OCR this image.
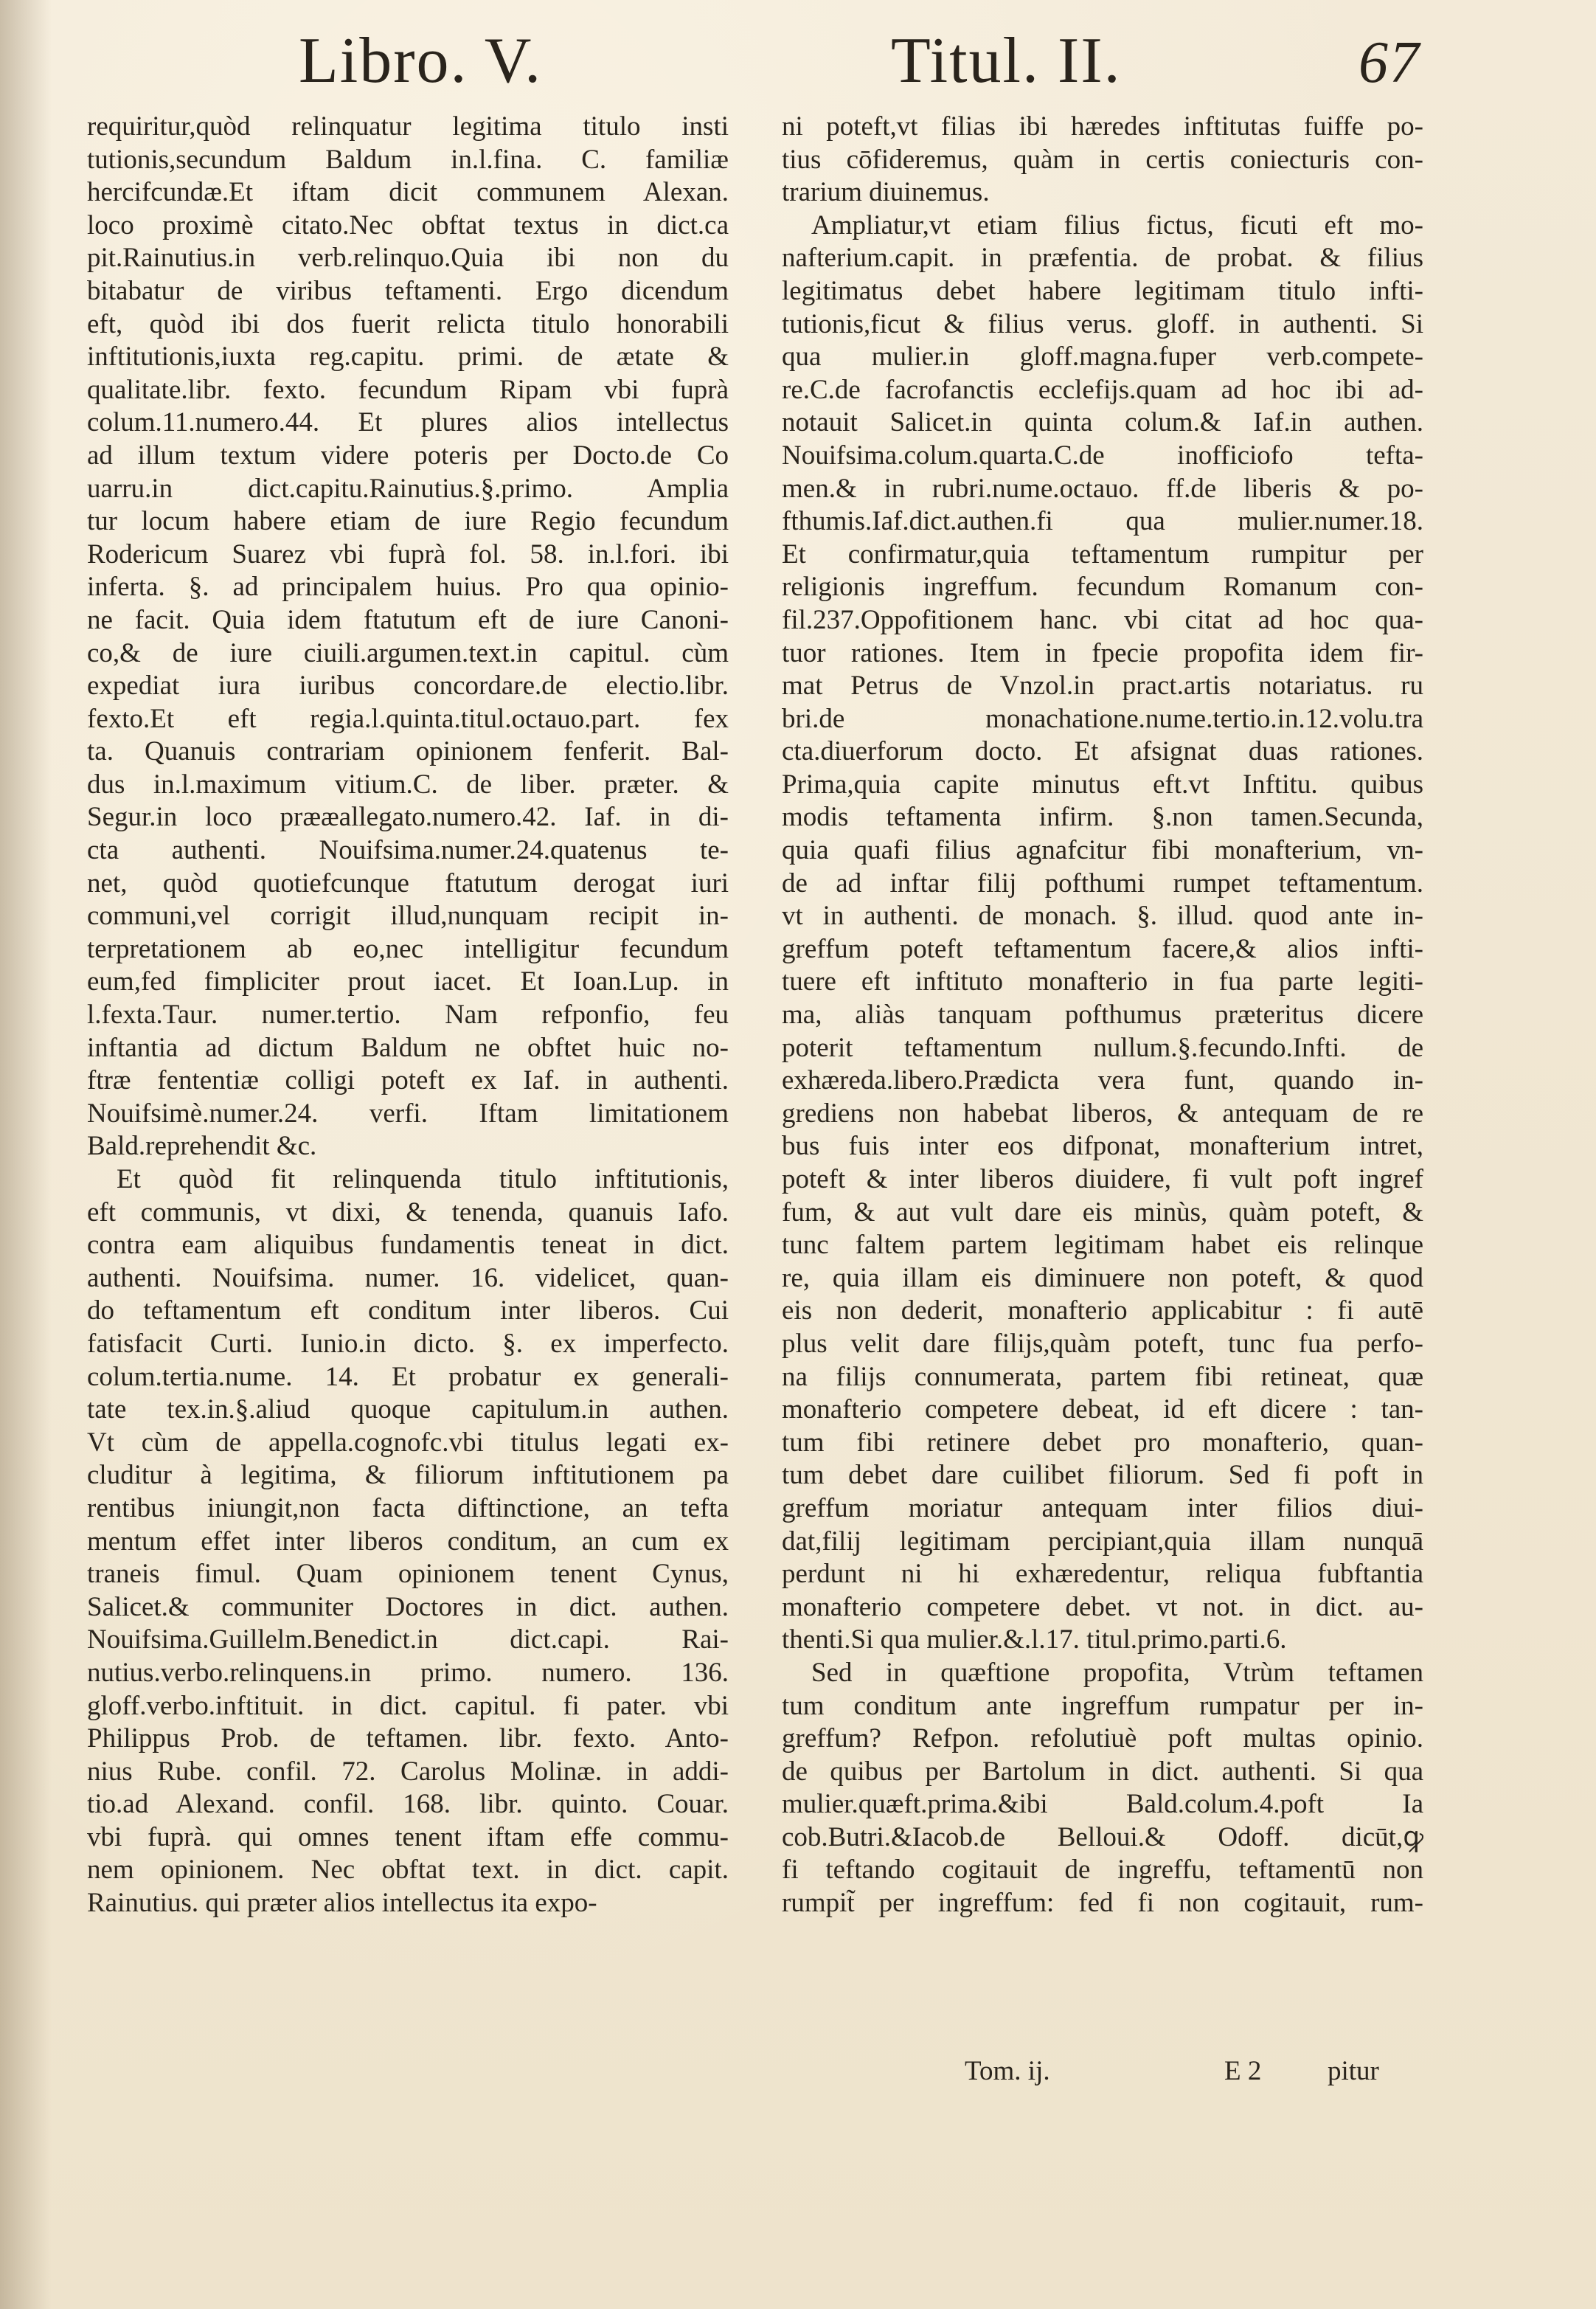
Libro. V.	Titul. II.	67
requiritur,quòd relinquatur legitima titulo insti
tutionis,secundum Baldum in.l.fina. C. familiæ
hercifcundæ.Et iftam dicit communem Alexan.
loco proximè citato.Nec obftat textus in dict.ca
pit.Rainutius.in verb.relinquo.Quia ibi non du
bitabatur de viribus teftamenti. Ergo dicendum
eft, quòd ibi dos fuerit relicta titulo honorabili
inftitutionis,iuxta reg.capitu. primi. de ætate &
qualitate.libr. fexto. fecundum Ripam vbi fuprà
colum.11.numero.44. Et plures alios intellectus
ad illum textum videre poteris per Docto.de Co
uarru.in dict.capitu.Rainutius.§.primo. Amplia
tur locum habere etiam de iure Regio fecundum
Rodericum Suarez vbi fuprà fol. 58. in.l.fori. ibi
inferta. §. ad principalem huius. Pro qua opinio-
ne facit. Quia idem ftatutum eft de iure Canoni-
co,& de iure ciuili.argumen.text.in capitul. cùm
expediat iura iuribus concordare.de electio.libr.
fexto.Et eft regia.l.quinta.titul.octauo.part. fex
ta. Quanuis contrariam opinionem fenferit. Bal-
dus in.l.maximum vitium.C. de liber. præter. &
Segur.in loco prææallegato.numero.42. Iaf. in di-
cta authenti. Nouifsima.numer.24.quatenus te-
net, quòd quotiefcunque ftatutum derogat iuri
communi,vel corrigit illud,nunquam recipit in-
terpretationem ab eo,nec intelligitur fecundum
eum,fed fimpliciter prout iacet. Et Ioan.Lup. in
l.fexta.Taur. numer.tertio. Nam refponfio, feu
inftantia ad dictum Baldum ne obftet huic no-
ftræ fententiæ colligi poteft ex Iaf. in authenti.
Nouifsimè.numer.24. verfi. Iftam limitationem
Bald.reprehendit &c.
Et quòd fit relinquenda titulo inftitutionis,
eft communis, vt dixi, & tenenda, quanuis Iafo.
contra eam aliquibus fundamentis teneat in dict.
authenti. Nouifsima. numer. 16. videlicet, quan-
do teftamentum eft conditum inter liberos. Cui
fatisfacit Curti. Iunio.in dicto. §. ex imperfecto.
colum.tertia.nume. 14. Et probatur ex generali-
tate tex.in.§.aliud quoque capitulum.in authen.
Vt cùm de appella.cognofc.vbi titulus legati ex-
cluditur à legitima, & filiorum inftitutionem pa
rentibus iniungit,non facta diftinctione, an tefta
mentum effet inter liberos conditum, an cum ex
traneis fimul. Quam opinionem tenent Cynus,
Salicet.& communiter Doctores in dict. authen.
Nouifsima.Guillelm.Benedict.in dict.capi. Rai-
nutius.verbo.relinquens.in primo. numero. 136.
gloff.verbo.inftituit. in dict. capitul. fi pater. vbi
Philippus Prob. de teftamen. libr. fexto. Anto-
nius Rube. confil. 72. Carolus Molinæ. in addi-
tio.ad Alexand. confil. 168. libr. quinto. Couar.
vbi fuprà. qui omnes tenent iftam effe commu-
nem opinionem. Nec obftat text. in dict. capit.
Rainutius. qui præter alios intellectus ita expo-
ni poteft,vt filias ibi hæredes inftitutas fuiffe po-
tius cōfideremus, quàm in certis coniecturis con-
trarium diuinemus.
Ampliatur,vt etiam filius fictus, ficuti eft mo-
nafterium.capit. in præfentia. de probat. & filius
legitimatus debet habere legitimam titulo infti-
tutionis,ficut & filius verus. gloff. in authenti. Si
qua mulier.in gloff.magna.fuper verb.compete-
re.C.de facrofanctis ecclefijs.quam ad hoc ibi ad-
notauit Salicet.in quinta colum.& Iaf.in authen.
Nouifsima.colum.quarta.C.de inofficiofo tefta-
men.& in rubri.nume.octauo. ff.de liberis & po-
fthumis.Iaf.dict.authen.fi qua mulier.numer.18.
Et confirmatur,quia teftamentum rumpitur per
religionis ingreffum. fecundum Romanum con-
fil.237.Oppofitionem hanc. vbi citat ad hoc qua-
tuor rationes. Item in fpecie propofita idem fir-
mat Petrus de Vnzol.in pract.artis notariatus. ru
bri.de monachatione.nume.tertio.in.12.volu.tra
cta.diuerforum docto. Et afsignat duas rationes.
Prima,quia capite minutus eft.vt Inftitu. quibus
modis teftamenta infirm. §.non tamen.Secunda,
quia quafi filius agnafcitur fibi monafterium, vn-
de ad inftar filij pofthumi rumpet teftamentum.
vt in authenti. de monach. §. illud. quod ante in-
greffum poteft teftamentum facere,& alios infti-
tuere eft inftituto monafterio in fua parte legiti-
ma, aliàs tanquam pofthumus præteritus dicere
poterit teftamentum nullum.§.fecundo.Infti. de
exhæreda.libero.Prædicta vera funt, quando in-
grediens non habebat liberos, & antequam de re
bus fuis inter eos difponat, monafterium intret,
poteft & inter liberos diuidere, fi vult poft ingref
fum, & aut vult dare eis minùs, quàm poteft, &
tunc faltem partem legitimam habet eis relinque
re, quia illam eis diminuere non poteft, & quod
eis non dederit, monafterio applicabitur : fi autē
plus velit dare filijs,quàm poteft, tunc fua perfo-
na filijs connumerata, partem fibi retineat, quæ
monafterio competere debeat, id eft dicere : tan-
tum fibi retinere debet pro monafterio, quan-
tum debet dare cuilibet filiorum. Sed fi poft in
greffum moriatur antequam inter filios diui-
dat,filij legitimam percipiant,quia illam nunquā
perdunt ni hi exhæredentur, reliqua fubftantia
monafterio competere debet. vt not. in dict. au-
thenti.Si qua mulier.&.l.17. titul.primo.parti.6.
Sed in quæftione propofita, Vtrùm teftamen
tum conditum ante ingreffum rumpatur per in-
greffum? Refpon. refolutiuè poft multas opinio.
de quibus per Bartolum in dict. authenti. Si qua
mulier.quæft.prima.&ibi Bald.colum.4.poft Ia
cob.Butri.&Iacob.de Belloui.& Odoff. dicūt,ꝙ
fi teftando cogitauit de ingreffu, teftamentū non
rumpit̃ per ingreffum: fed fi non cogitauit, rum-
Tom. ij.	E 2 pitur
